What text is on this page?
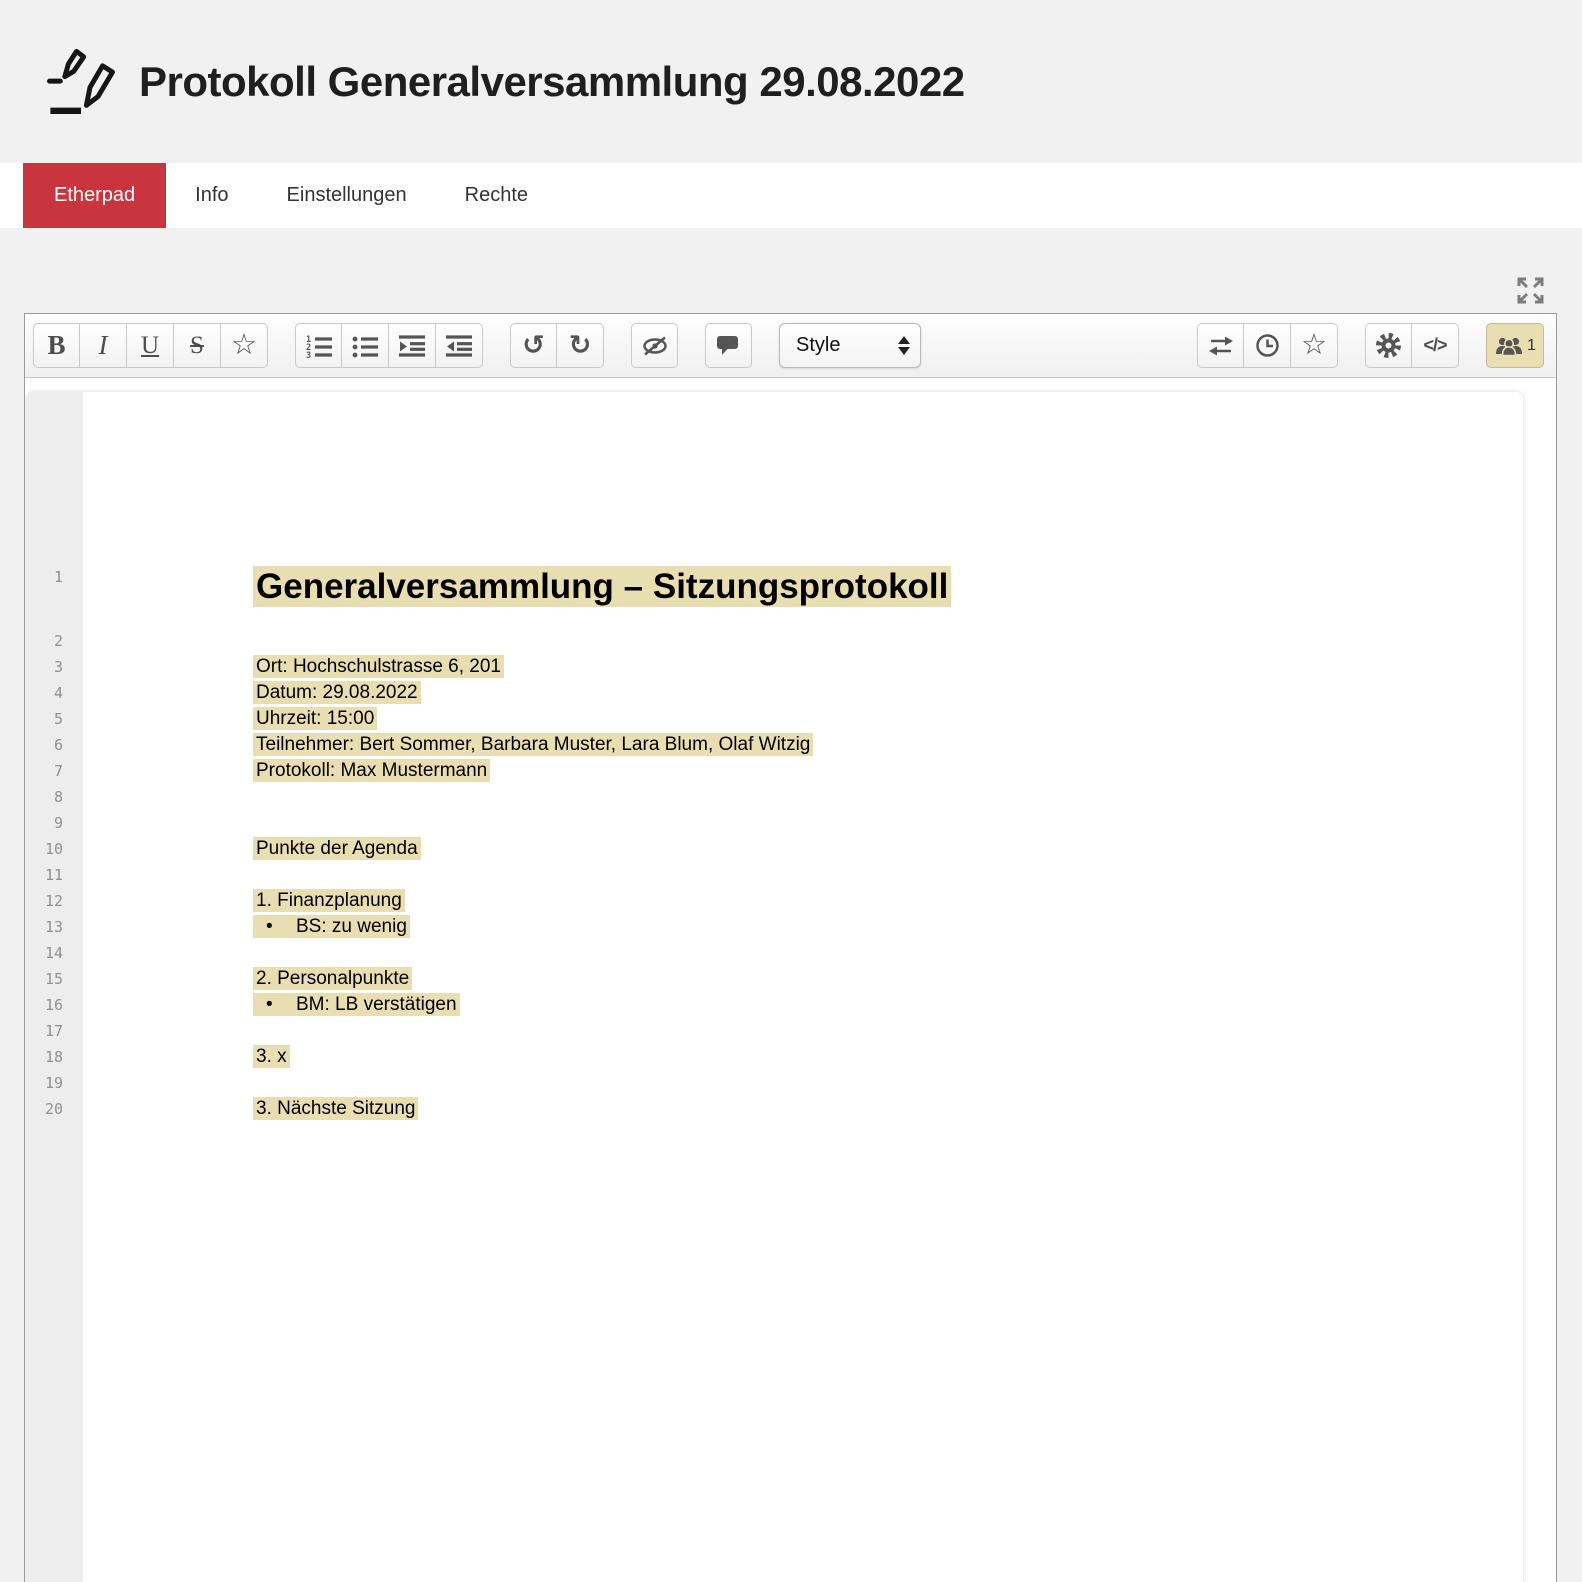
Protokoll Generalversammlung 29.08.2022
Etherpad	Info	Einstellungen	Rechte
B I U S ☆	1
2
3	↺ ↻	Style	☆	</>	1
1
2
3
4
5
6
7
8
9
10
11
12
13
14
15
16
17
18
19
20
Generalversammlung – Sitzungsprotokoll
Ort: Hochschulstrasse 6, 201
Datum: 29.08.2022
Uhrzeit: 15:00
Teilnehmer: Bert Sommer, Barbara Muster, Lara Blum, Olaf Witzig
Protokoll: Max Mustermann
Punkte der Agenda
1. Finanzplanung
• BS: zu wenig
2. Personalpunkte
• BM: LB verstätigen
3. x
3. Nächste Sitzung
